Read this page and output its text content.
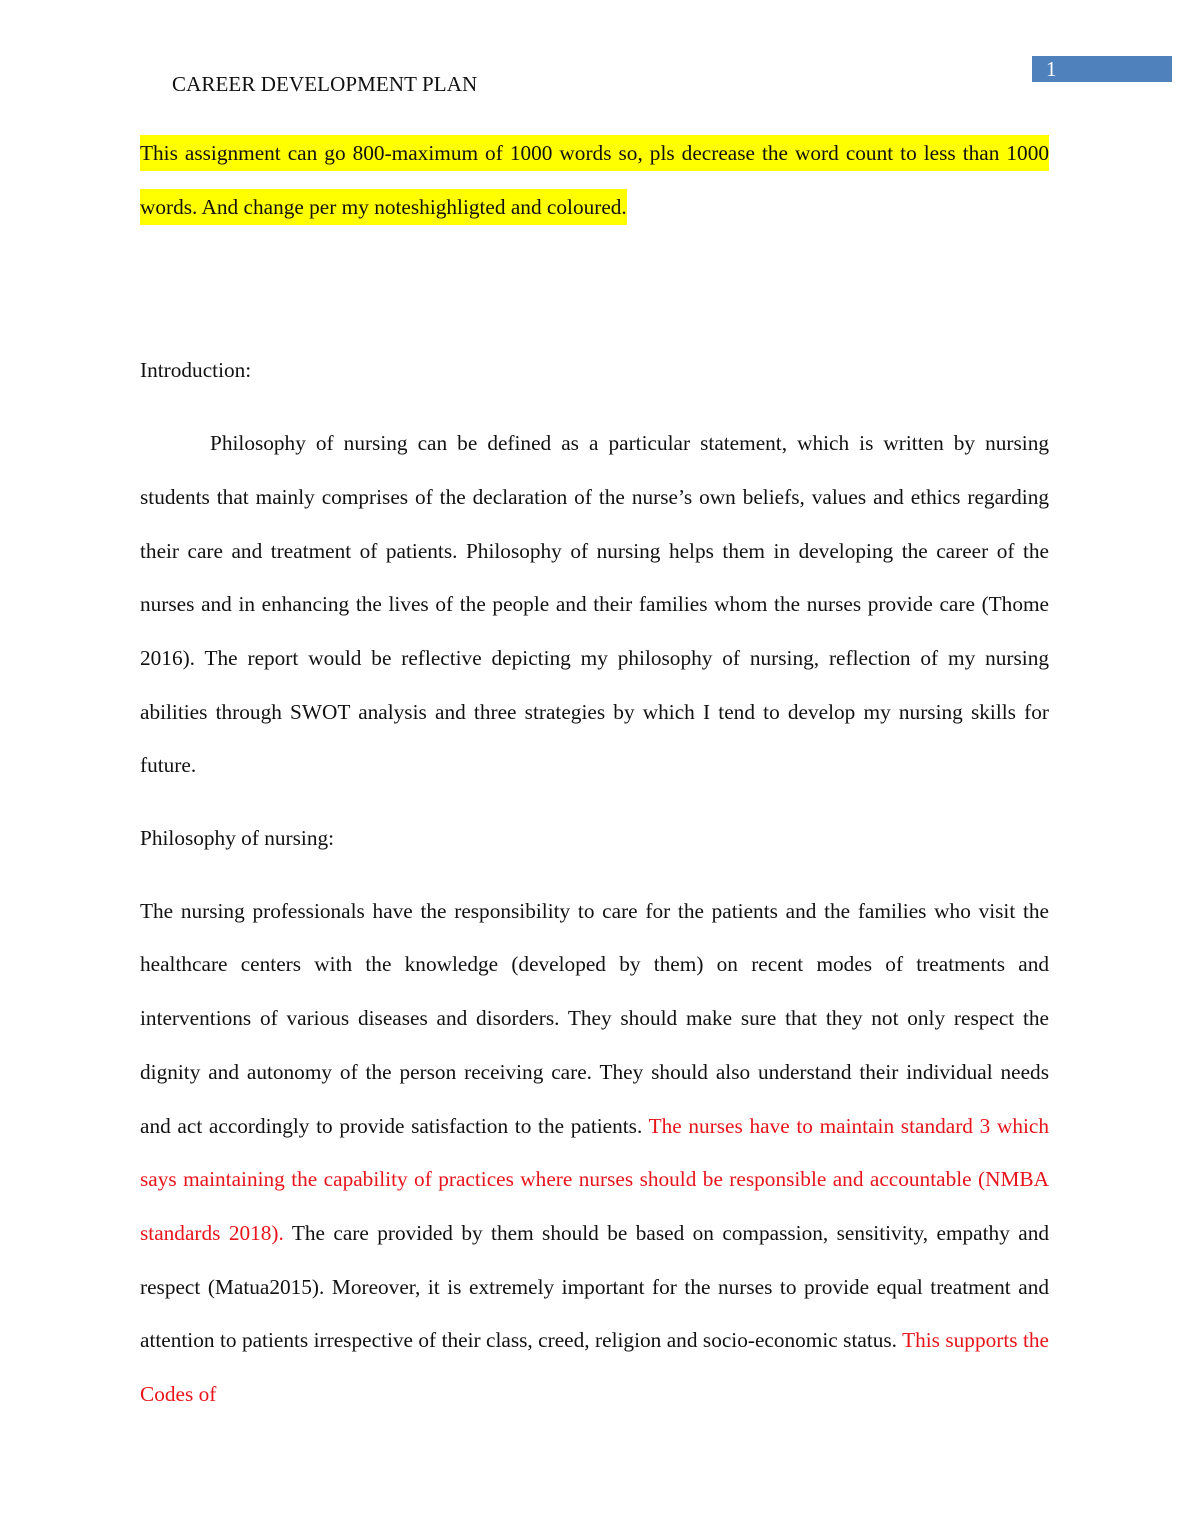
1
CAREER DEVELOPMENT PLAN

This assignment can go 800-maximum of 1000 words so, pls decrease the word count to less than 1000 words. And change per my noteshighligted and coloured.

Introduction:

Philosophy of nursing can be defined as a particular statement, which is written by nursing students that mainly comprises of the declaration of the nurse’s own beliefs, values and ethics regarding their care and treatment of patients. Philosophy of nursing helps them in developing the career of the nurses and in enhancing the lives of the people and their families whom the nurses provide care (Thome 2016). The report would be reflective depicting my philosophy of nursing, reflection of my nursing abilities through SWOT analysis and three strategies by which I tend to develop my nursing skills for future.

Philosophy of nursing:

The nursing professionals have the responsibility to care for the patients and the families who visit the healthcare centers with the knowledge (developed by them) on recent modes of treatments and interventions of various diseases and disorders. They should make sure that they not only respect the dignity and autonomy of the person receiving care. They should also understand their individual needs and act accordingly to provide satisfaction to the patients. The nurses have to maintain standard 3 which says maintaining the capability of practices where nurses should be responsible and accountable (NMBA standards 2018). The care provided by them should be based on compassion, sensitivity, empathy and respect (Matua2015). Moreover, it is extremely important for the nurses to provide equal treatment and attention to patients irrespective of their class, creed, religion and socio-economic status. This supports the Codes of
